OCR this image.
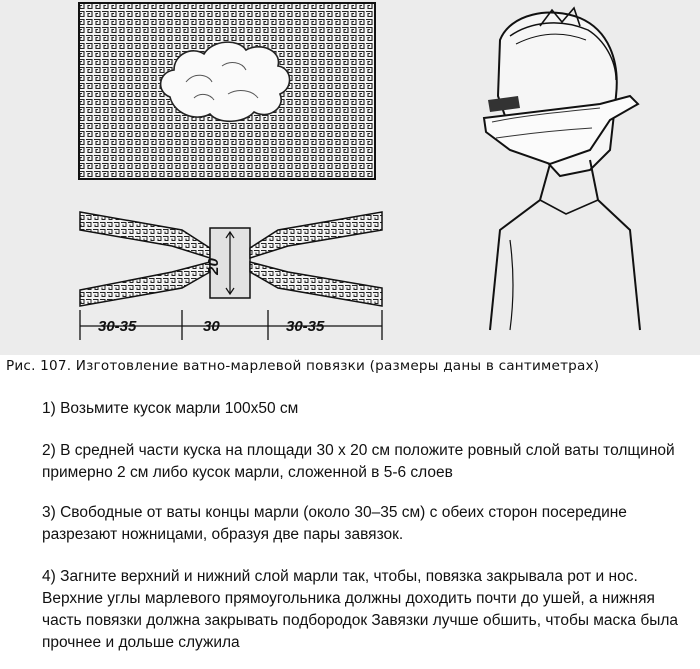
30-35	30	30-35
20
Рис. 107. Изготовление ватно-марлевой повязки (размеры даны в сантиметрах)

1) Возьмите кусок марли 100х50 см

2) В средней части куска на площади 30 х 20 см положите ровный слой ваты толщиной примерно 2 см либо кусок марли, сложенной в 5-6 слоев

3) Свободные от ваты концы марли (около 30–35 см) с обеих сторон посередине разрезают ножницами, образуя две пары завязок.

4) Загните верхний и нижний слой марли так, чтобы, повязка закрывала рот и нос. Верхние углы марлевого прямоугольника должны доходить почти до ушей, а нижняя часть повязки должна закрывать подбородок Завязки лучше обшить, чтобы маска была прочнее и дольше служила
